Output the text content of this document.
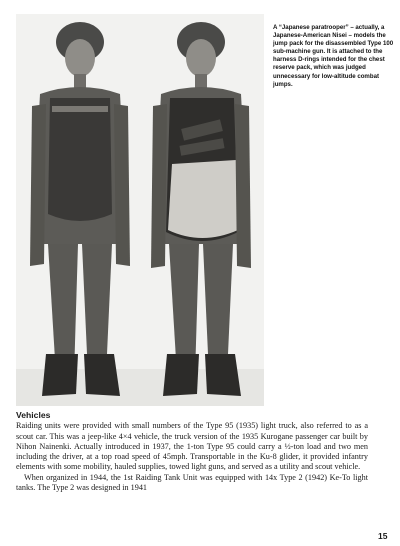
A “Japanese paratrooper” – actually, a Japanese-American Nisei – models the jump pack for the disassembled Type 100 sub-machine gun. It is attached to the harness D-rings intended for the chest reserve pack, which was judged unnecessary for low-altitude combat jumps.
Vehicles

Raiding units were provided with small numbers of the Type 95 (1935) light truck, also referred to as a scout car. This was a jeep-like 4×4 vehicle, the truck version of the 1935 Kurogane passenger car built by Nihon Nainenki. Actually introduced in 1937, the 1-ton Type 95 could carry a ½-ton load and two men including the driver, at a top road speed of 45mph. Transportable in the Ku-8 glider, it provided infantry elements with some mobility, hauled supplies, towed light guns, and served as a utility and scout vehicle.

When organized in 1944, the 1st Raiding Tank Unit was equipped with 14x Type 2 (1942) Ke-To light tanks. The Type 2 was designed in 1941

15
